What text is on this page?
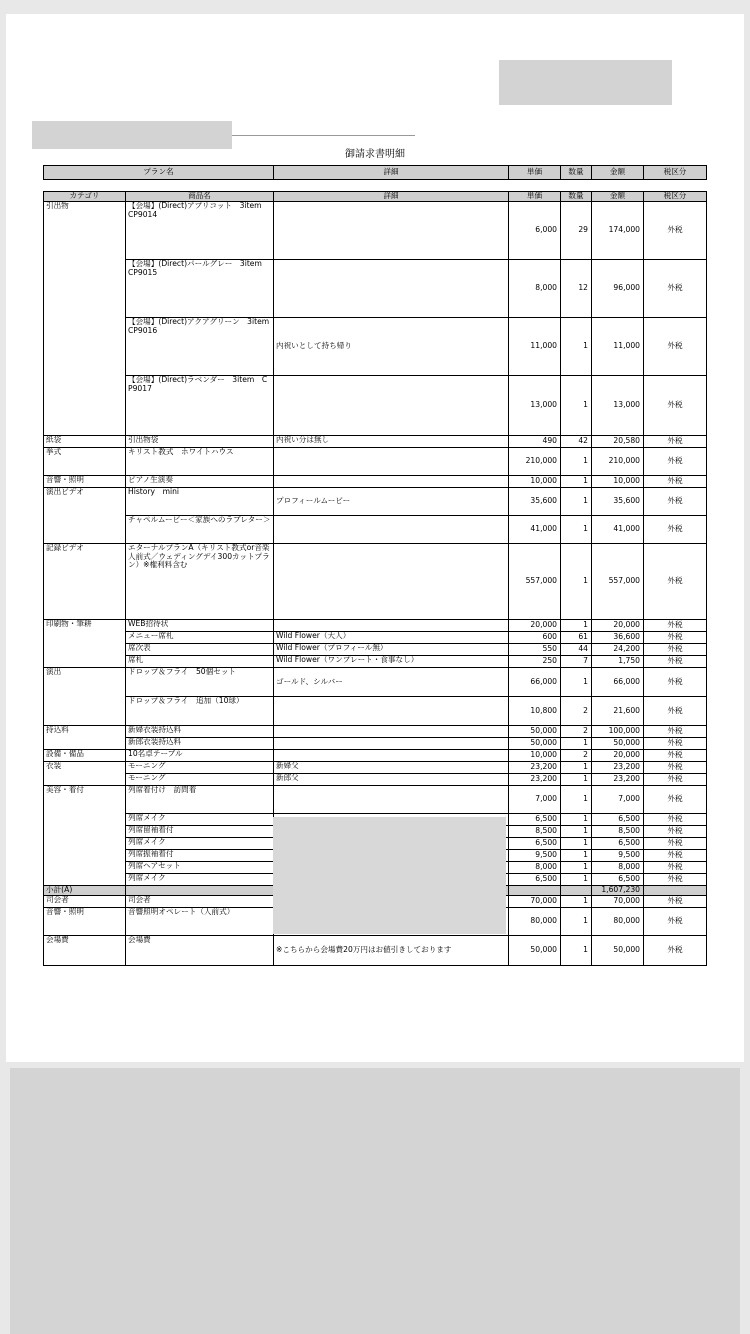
御請求書明細
プラン名	詳細	単価	数量	金額	税区分
カテゴリ	商品名	詳細	単価	数量	金額	税区分
引出物	【会場】(Direct)アプリコット　3item　CP9014		6,000	29	174,000	外税
	【会場】(Direct)パールグレー　3item　CP9015		8,000	12	96,000	外税
	【会場】(Direct)アクアグリーン　3item　CP9016	内祝いとして持ち帰り	11,000	1	11,000	外税
	【会場】(Direct)ラベンダー　3item　CP9017		13,000	1	13,000	外税
紙袋	引出物袋	内祝い分は無し	490	42	20,580	外税
挙式	キリスト教式　ホワイトハウス		210,000	1	210,000	外税
音響・照明	ピアノ生演奏		10,000	1	10,000	外税
演出ビデオ	History　mini	プロフィールムービー	35,600	1	35,600	外税
	チャペルムービー＜家族へのラブレター＞		41,000	1	41,000	外税
記録ビデオ	エターナルプランA（キリスト教式or音楽人前式／ウェディングデイ300カットプラン）※権利料含む		557,000	1	557,000	外税
印刷物・筆耕	WEB招待状		20,000	1	20,000	外税
	メニュー席札	Wild Flower（大人）	600	61	36,600	外税
	席次表	Wild Flower（プロフィール無）	550	44	24,200	外税
	席札	Wild Flower（ワンプレート・食事なし）	250	7	1,750	外税
演出	ドロップ＆フライ　50個セット	ゴールド、シルバー	66,000	1	66,000	外税
	ドロップ＆フライ　追加（10球）		10,800	2	21,600	外税
持込料	新婦衣装持込料		50,000	2	100,000	外税
	新郎衣装持込料		50,000	1	50,000	外税
設備・備品	10名卓テーブル		10,000	2	20,000	外税
衣装	モーニング	新婦父	23,200	1	23,200	外税
	モーニング	新郎父	23,200	1	23,200	外税
美容・着付	列席着付け　訪問着		7,000	1	7,000	外税
	列席メイク		6,500	1	6,500	外税
	列席留袖着付		8,500	1	8,500	外税
	列席メイク		6,500	1	6,500	外税
	列席振袖着付		9,500	1	9,500	外税
	列席ヘアセット		8,000	1	8,000	外税
	列席メイク		6,500	1	6,500	外税
小計(A)					1,607,230	
司会者	司会者		70,000	1	70,000	外税
音響・照明	音響照明オペレート（人前式）		80,000	1	80,000	外税
会場費	会場費	※こちらから会場費20万円はお値引きしております	50,000	1	50,000	外税
